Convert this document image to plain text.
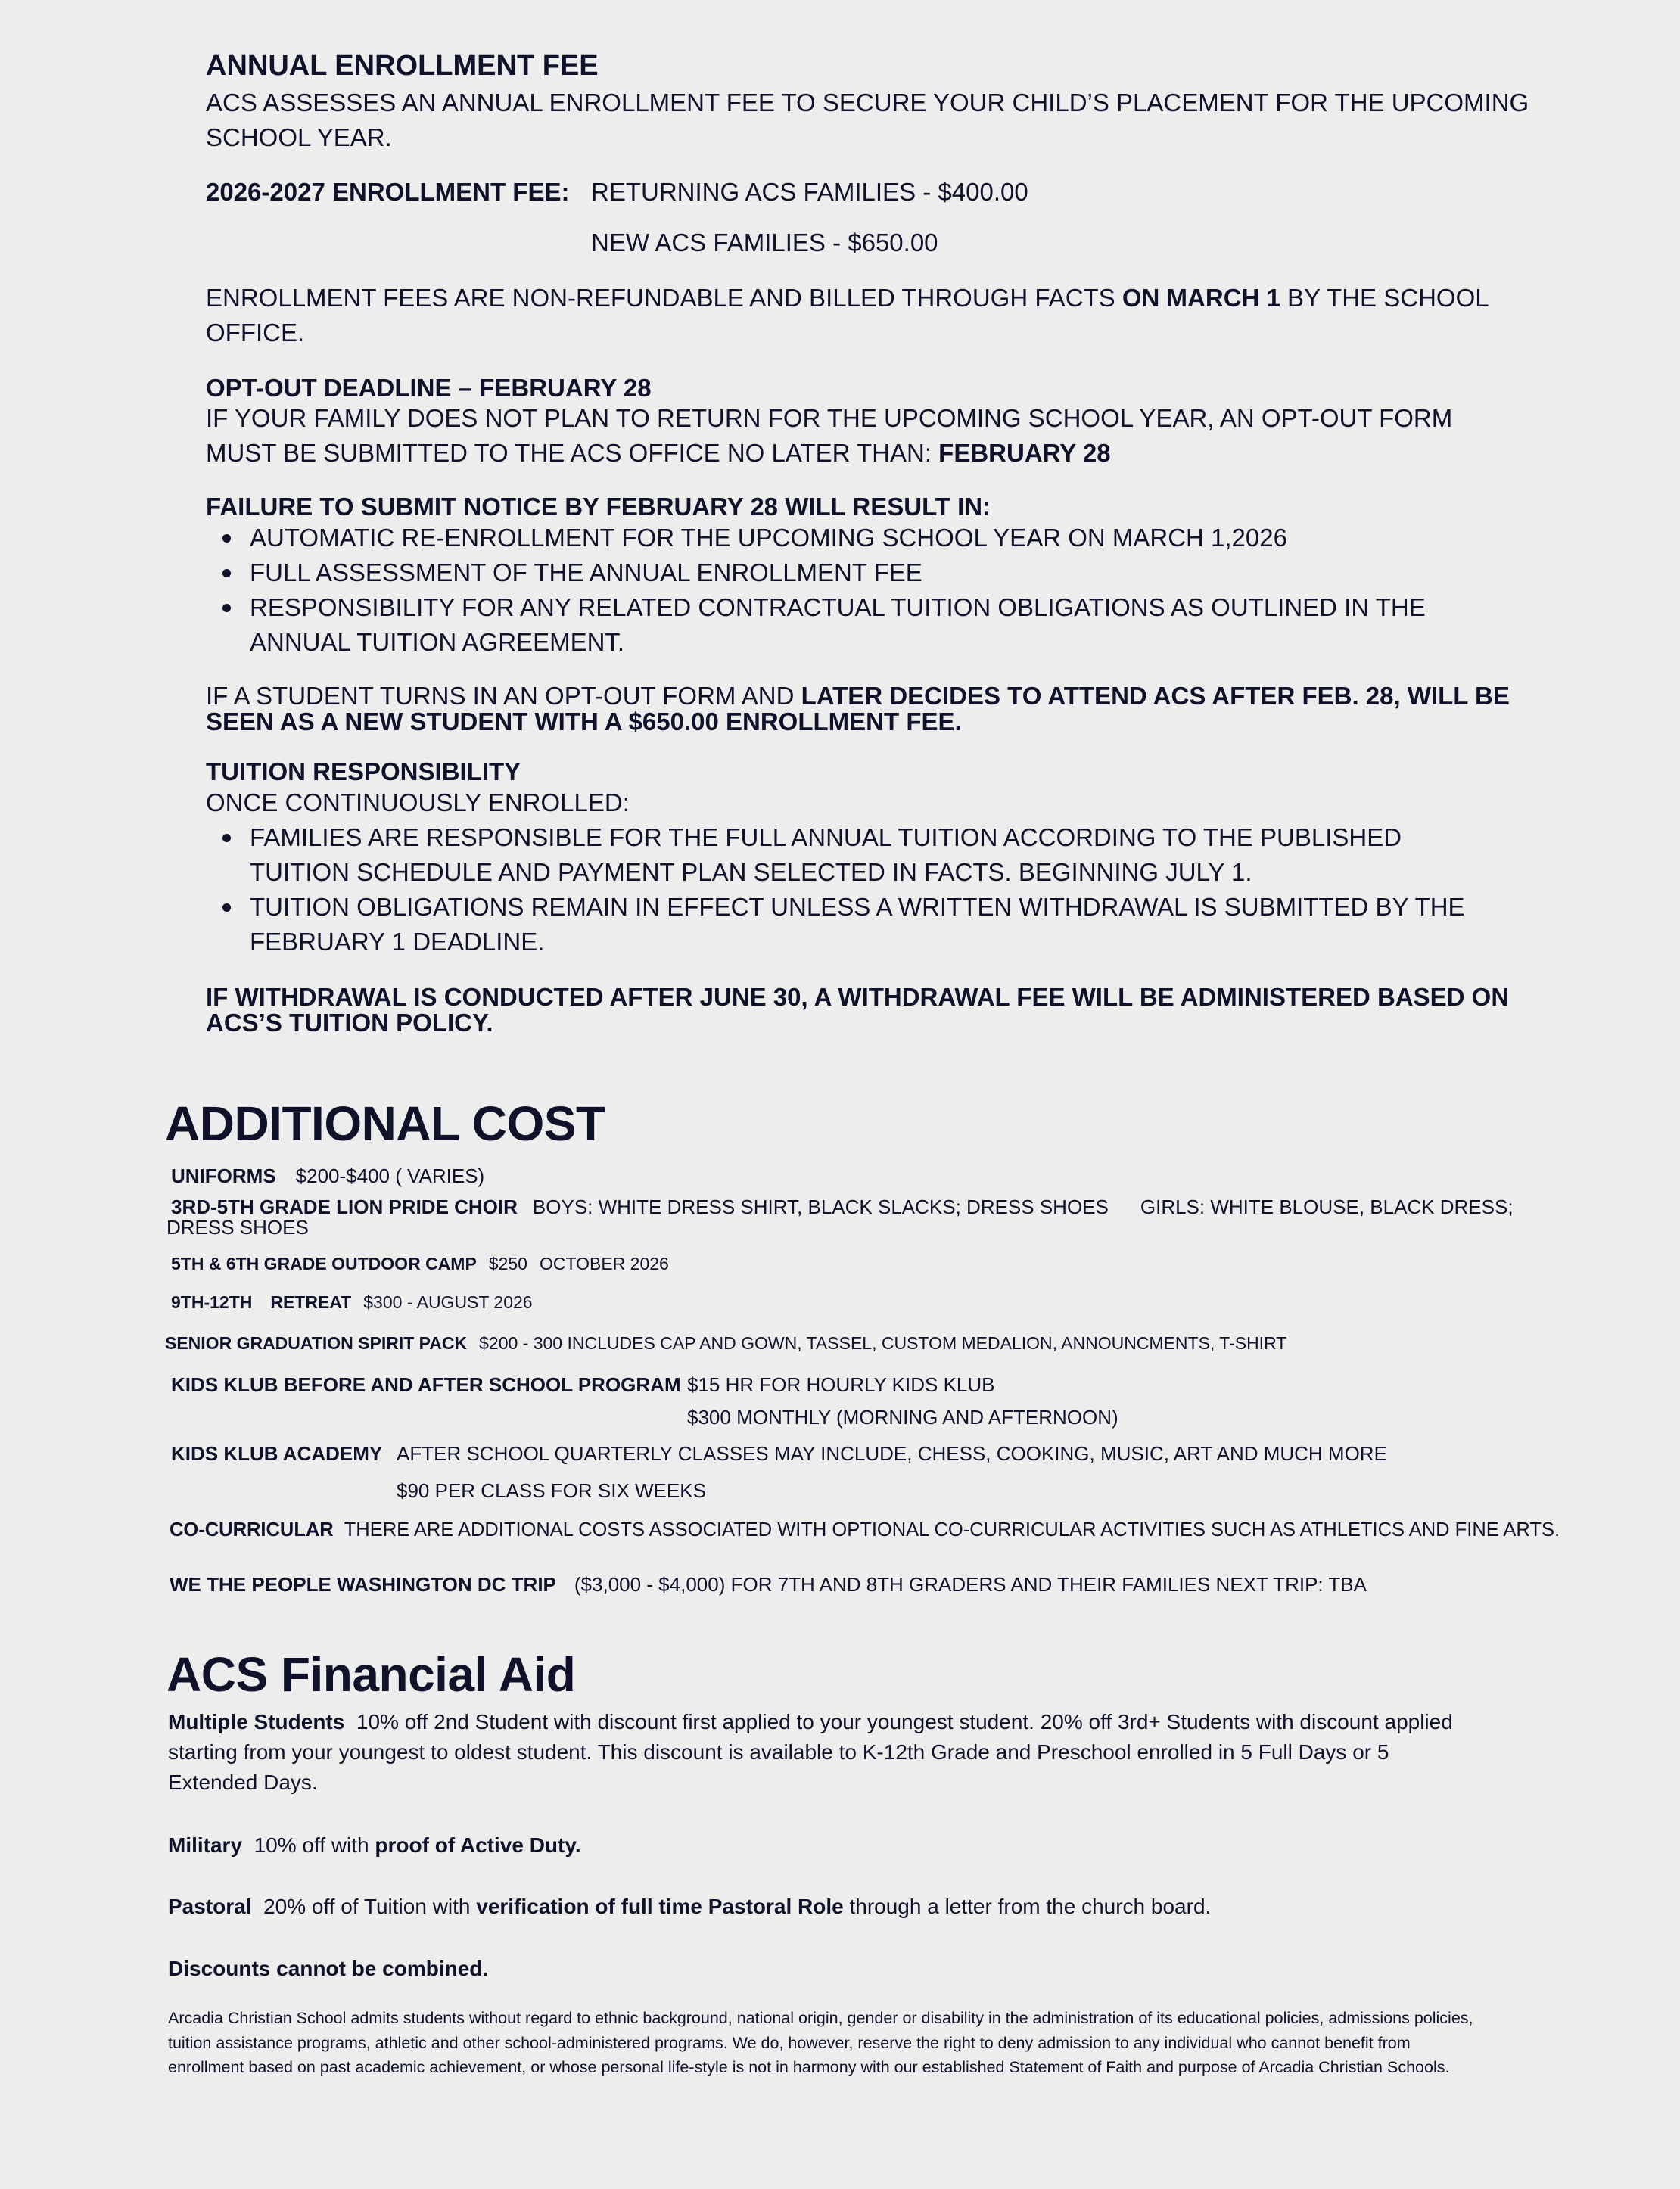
ANNUAL ENROLLMENT FEE
ACS ASSESSES AN ANNUAL ENROLLMENT FEE TO SECURE YOUR CHILD’S PLACEMENT FOR THE UPCOMING SCHOOL YEAR.
2026-2027 ENROLLMENT FEE: RETURNING ACS FAMILIES - $400.00
NEW ACS FAMILIES - $650.00
ENROLLMENT FEES ARE NON-REFUNDABLE AND BILLED THROUGH FACTS ON MARCH 1 BY THE SCHOOL OFFICE.
OPT-OUT DEADLINE – FEBRUARY 28
IF YOUR FAMILY DOES NOT PLAN TO RETURN FOR THE UPCOMING SCHOOL YEAR, AN OPT-OUT FORM MUST BE SUBMITTED TO THE ACS OFFICE NO LATER THAN: FEBRUARY 28
FAILURE TO SUBMIT NOTICE BY FEBRUARY 28 WILL RESULT IN:
AUTOMATIC RE-ENROLLMENT FOR THE UPCOMING SCHOOL YEAR ON MARCH 1,2026
FULL ASSESSMENT OF THE ANNUAL ENROLLMENT FEE
RESPONSIBILITY FOR ANY RELATED CONTRACTUAL TUITION OBLIGATIONS AS OUTLINED IN THE ANNUAL TUITION AGREEMENT.
IF A STUDENT TURNS IN AN OPT-OUT FORM AND LATER DECIDES TO ATTEND ACS AFTER FEB. 28, WILL BE SEEN AS A NEW STUDENT WITH A $650.00 ENROLLMENT FEE.
TUITION RESPONSIBILITY
ONCE CONTINUOUSLY ENROLLED:
FAMILIES ARE RESPONSIBLE FOR THE FULL ANNUAL TUITION ACCORDING TO THE PUBLISHED TUITION SCHEDULE AND PAYMENT PLAN SELECTED IN FACTS. BEGINNING JULY 1.
TUITION OBLIGATIONS REMAIN IN EFFECT UNLESS A WRITTEN WITHDRAWAL IS SUBMITTED BY THE FEBRUARY 1 DEADLINE.
IF WITHDRAWAL IS CONDUCTED AFTER JUNE 30, A WITHDRAWAL FEE WILL BE ADMINISTERED BASED ON ACS’S TUITION POLICY.
ADDITIONAL COST
UNIFORMS $200-$400 ( VARIES)
3RD-5TH GRADE LION PRIDE CHOIR BOYS: WHITE DRESS SHIRT, BLACK SLACKS; DRESS SHOES GIRLS: WHITE BLOUSE, BLACK DRESS;
DRESS SHOES
5TH & 6TH GRADE OUTDOOR CAMP $250 OCTOBER 2026
9TH-12TH RETREAT $300 - AUGUST 2026
SENIOR GRADUATION SPIRIT PACK $200 - 300 INCLUDES CAP AND GOWN, TASSEL, CUSTOM MEDALION, ANNOUNCMENTS, T-SHIRT
KIDS KLUB BEFORE AND AFTER SCHOOL PROGRAM $15 HR FOR HOURLY KIDS KLUB
$300 MONTHLY (MORNING AND AFTERNOON)
KIDS KLUB ACADEMY AFTER SCHOOL QUARTERLY CLASSES MAY INCLUDE, CHESS, COOKING, MUSIC, ART AND MUCH MORE
$90 PER CLASS FOR SIX WEEKS
CO-CURRICULAR THERE ARE ADDITIONAL COSTS ASSOCIATED WITH OPTIONAL CO-CURRICULAR ACTIVITIES SUCH AS ATHLETICS AND FINE ARTS.
WE THE PEOPLE WASHINGTON DC TRIP ($3,000 - $4,000) FOR 7TH AND 8TH GRADERS AND THEIR FAMILIES NEXT TRIP: TBA
ACS Financial Aid
Multiple Students 10% off 2nd Student with discount first applied to your youngest student. 20% off 3rd+ Students with discount applied starting from your youngest to oldest student. This discount is available to K-12th Grade and Preschool enrolled in 5 Full Days or 5 Extended Days.
Military 10% off with proof of Active Duty.
Pastoral 20% off of Tuition with verification of full time Pastoral Role through a letter from the church board.
Discounts cannot be combined.
Arcadia Christian School admits students without regard to ethnic background, national origin, gender or disability in the administration of its educational policies, admissions policies, tuition assistance programs, athletic and other school-administered programs. We do, however, reserve the right to deny admission to any individual who cannot benefit from enrollment based on past academic achievement, or whose personal life-style is not in harmony with our established Statement of Faith and purpose of Arcadia Christian Schools.
